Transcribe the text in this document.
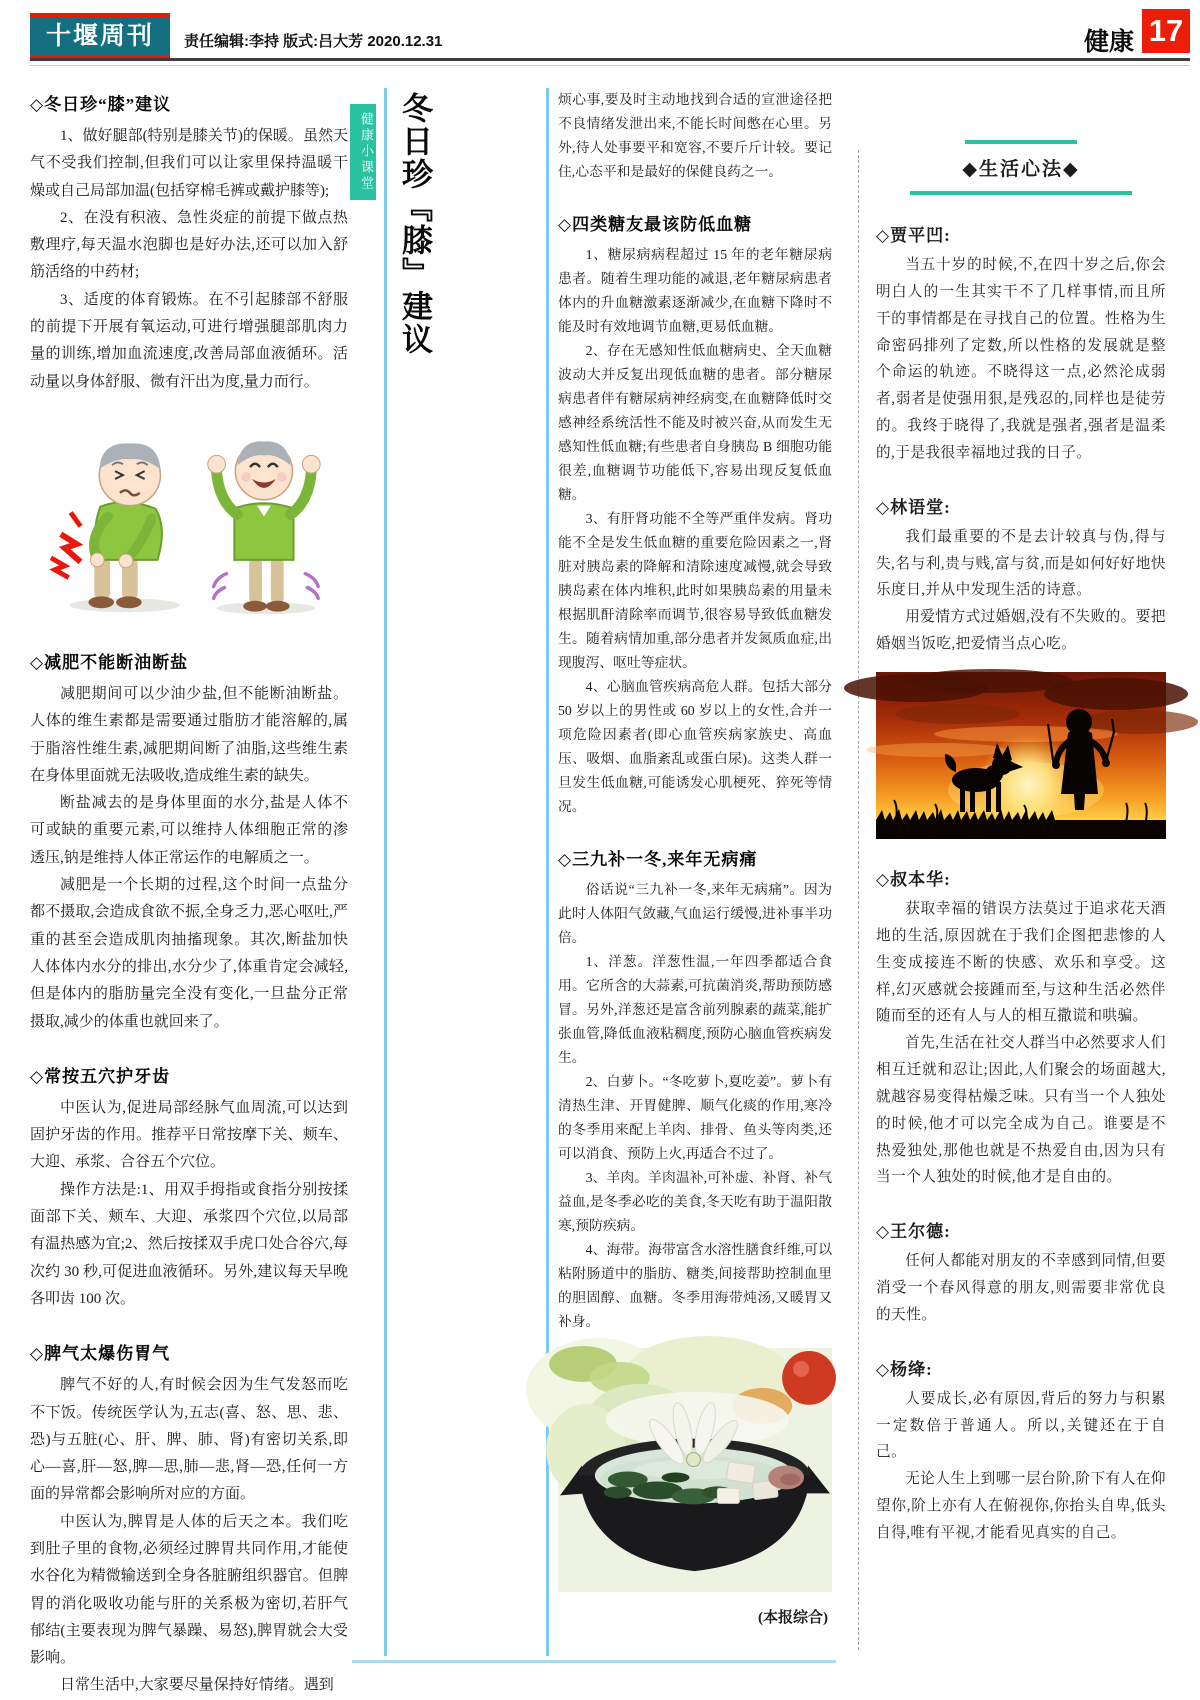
十堰周刊	责任编辑:李持 版式:吕大芳 2020.12.31	健康 17
健康小课堂 冬日珍『膝』建议
◇冬日珍“膝”建议

1、做好腿部(特别是膝关节)的保暖。虽然天气不受我们控制,但我们可以让家里保持温暖干燥或自己局部加温(包括穿棉毛裤或戴护膝等);

2、在没有积液、急性炎症的前提下做点热敷理疗,每天温水泡脚也是好办法,还可以加入舒筋活络的中药材;

3、适度的体育锻炼。在不引起膝部不舒服的前提下开展有氧运动,可进行增强腿部肌肉力量的训练,增加血流速度,改善局部血液循环。活动量以身体舒服、微有汗出为度,量力而行。

◇减肥不能断油断盐

减肥期间可以少油少盐,但不能断油断盐。人体的维生素都是需要通过脂肪才能溶解的,属于脂溶性维生素,减肥期间断了油脂,这些维生素在身体里面就无法吸收,造成维生素的缺失。

断盐减去的是身体里面的水分,盐是人体不可或缺的重要元素,可以维持人体细胞正常的渗透压,钠是维持人体正常运作的电解质之一。

减肥是一个长期的过程,这个时间一点盐分都不摄取,会造成食欲不振,全身乏力,恶心呕吐,严重的甚至会造成肌肉抽搐现象。其次,断盐加快人体体内水分的排出,水分少了,体重肯定会减轻,但是体内的脂肪量完全没有变化,一旦盐分正常摄取,减少的体重也就回来了。

◇常按五穴护牙齿

中医认为,促进局部经脉气血周流,可以达到固护牙齿的作用。推荐平日常按摩下关、颊车、大迎、承浆、合谷五个穴位。

操作方法是:1、用双手拇指或食指分别按揉面部下关、颊车、大迎、承浆四个穴位,以局部有温热感为宜;2、然后按揉双手虎口处合谷穴,每次约 30 秒,可促进血液循环。另外,建议每天早晚各叩齿 100 次。

◇脾气太爆伤胃气

脾气不好的人,有时候会因为生气发怒而吃不下饭。传统医学认为,五志(喜、怒、思、悲、恐)与五脏(心、肝、脾、肺、肾)有密切关系,即心—喜,肝—怒,脾—思,肺—悲,肾—恐,任何一方面的异常都会影响所对应的方面。

中医认为,脾胃是人体的后天之本。我们吃到肚子里的食物,必须经过脾胃共同作用,才能使水谷化为精微输送到全身各脏腑组织器官。但脾胃的消化吸收功能与肝的关系极为密切,若肝气郁结(主要表现为脾气暴躁、易怒),脾胃就会大受影响。

日常生活中,大家要尽量保持好情绪。遇到

烦心事,要及时主动地找到合适的宣泄途径把不良情绪发泄出来,不能长时间憋在心里。另外,待人处事要平和宽容,不要斤斤计较。要记住,心态平和是最好的保健良药之一。

◇四类糖友最该防低血糖

1、糖尿病病程超过 15 年的老年糖尿病患者。随着生理功能的减退,老年糖尿病患者体内的升血糖激素逐渐减少,在血糖下降时不能及时有效地调节血糖,更易低血糖。

2、存在无感知性低血糖病史、全天血糖波动大并反复出现低血糖的患者。部分糖尿病患者伴有糖尿病神经病变,在血糖降低时交感神经系统活性不能及时被兴奋,从而发生无感知性低血糖;有些患者自身胰岛 B 细胞功能很差,血糖调节功能低下,容易出现反复低血糖。

3、有肝肾功能不全等严重伴发病。肾功能不全是发生低血糖的重要危险因素之一,肾脏对胰岛素的降解和清除速度减慢,就会导致胰岛素在体内堆积,此时如果胰岛素的用量未根据肌酐清除率而调节,很容易导致低血糖发生。随着病情加重,部分患者并发氮质血症,出现腹泻、呕吐等症状。

4、心脑血管疾病高危人群。包括大部分 50 岁以上的男性或 60 岁以上的女性,合并一项危险因素者(即心血管疾病家族史、高血压、吸烟、血脂紊乱或蛋白尿)。这类人群一旦发生低血糖,可能诱发心肌梗死、猝死等情况。

◇三九补一冬,来年无病痛

俗话说“三九补一冬,来年无病痛”。因为此时人体阳气敛藏,气血运行缓慢,进补事半功倍。

1、洋葱。洋葱性温,一年四季都适合食用。它所含的大蒜素,可抗菌消炎,帮助预防感冒。另外,洋葱还是富含前列腺素的蔬菜,能扩张血管,降低血液粘稠度,预防心脑血管疾病发生。

2、白萝卜。“冬吃萝卜,夏吃姜”。萝卜有清热生津、开胃健脾、顺气化痰的作用,寒冷的冬季用来配上羊肉、排骨、鱼头等肉类,还可以消食、预防上火,再适合不过了。

3、羊肉。羊肉温补,可补虚、补肾、补气益血,是冬季必吃的美食,冬天吃有助于温阳散寒,预防疾病。

4、海带。海带富含水溶性膳食纤维,可以粘附肠道中的脂肪、糖类,间接帮助控制血里的胆固醇、血糖。冬季用海带炖汤,又暖胃又补身。

(本报综合)
◆生活心法◆
◇贾平凹:

当五十岁的时候,不,在四十岁之后,你会明白人的一生其实干不了几样事情,而且所干的事情都是在寻找自己的位置。性格为生命密码排列了定数,所以性格的发展就是整个命运的轨迹。不晓得这一点,必然沦成弱者,弱者是使强用狠,是残忍的,同样也是徒劳的。我终于晓得了,我就是强者,强者是温柔的,于是我很幸福地过我的日子。

◇林语堂:

我们最重要的不是去计较真与伪,得与失,名与利,贵与贱,富与贫,而是如何好好地快乐度日,并从中发现生活的诗意。

用爱情方式过婚姻,没有不失败的。要把婚姻当饭吃,把爱情当点心吃。

◇叔本华:

获取幸福的错误方法莫过于追求花天酒地的生活,原因就在于我们企图把悲惨的人生变成接连不断的快感、欢乐和享受。这样,幻灭感就会接踵而至,与这种生活必然伴随而至的还有人与人的相互撒谎和哄骗。

首先,生活在社交人群当中必然要求人们相互迁就和忍让;因此,人们聚会的场面越大,就越容易变得枯燥乏味。只有当一个人独处的时候,他才可以完全成为自己。谁要是不热爱独处,那他也就是不热爱自由,因为只有当一个人独处的时候,他才是自由的。

◇王尔德:

任何人都能对朋友的不幸感到同情,但要消受一个春风得意的朋友,则需要非常优良的天性。

◇杨绛:

人要成长,必有原因,背后的努力与积累一定数倍于普通人。所以,关键还在于自己。

无论人生上到哪一层台阶,阶下有人在仰望你,阶上亦有人在俯视你,你抬头自卑,低头自得,唯有平视,才能看见真实的自己。
